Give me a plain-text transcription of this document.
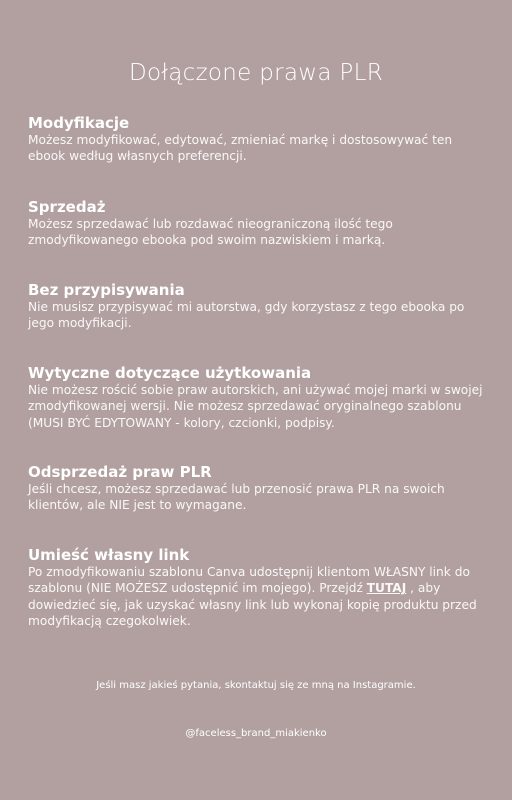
Dołączone prawa PLR

Modyfikacje

Możesz modyfikować, edytować, zmieniać markę i dostosowywać ten ebook według własnych preferencji.

Sprzedaż

Możesz sprzedawać lub rozdawać nieograniczoną ilość tego zmodyfikowanego ebooka pod swoim nazwiskiem i marką.

Bez przypisywania

Nie musisz przypisywać mi autorstwa, gdy korzystasz z tego ebooka po jego modyfikacji.

Wytyczne dotyczące użytkowania

Nie możesz rościć sobie praw autorskich, ani używać mojej marki w swojej zmodyfikowanej wersji. Nie możesz sprzedawać oryginalnego szablonu (MUSI BYĆ EDYTOWANY - kolory, czcionki, podpisy.

Odsprzedaż praw PLR

Jeśli chcesz, możesz sprzedawać lub przenosić prawa PLR na swoich klientów, ale NIE jest to wymagane.

Umieść własny link

Po zmodyfikowaniu szablonu Canva udostępnij klientom WŁASNY link do szablonu (NIE MOŻESZ udostępnić im mojego). Przejdź TUTAJ , aby dowiedzieć się, jak uzyskać własny link lub wykonaj kopię produktu przed modyfikacją czegokolwiek.

Jeśli masz jakieś pytania, skontaktuj się ze mną na Instagramie.
@faceless_brand_miakienko
